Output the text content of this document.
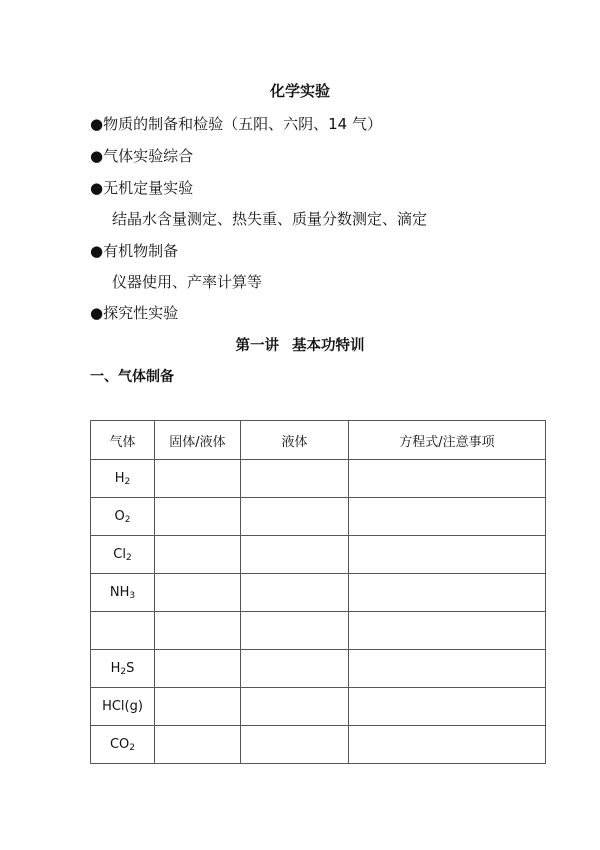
化学实验
●物质的制备和检验（五阳、六阴、14 气）
●气体实验综合
●无机定量实验
结晶水含量测定、热失重、质量分数测定、滴定
●有机物制备
仪器使用、产率计算等
●探究性实验
第一讲 基本功特训
一、气体制备
气体	固体/液体	液体	方程式/注意事项
$H_2$			
$O_2$			
$Cl_2$			
$NH_3$			

$H_2S$			
HCl(g)			
$CO_2$			
